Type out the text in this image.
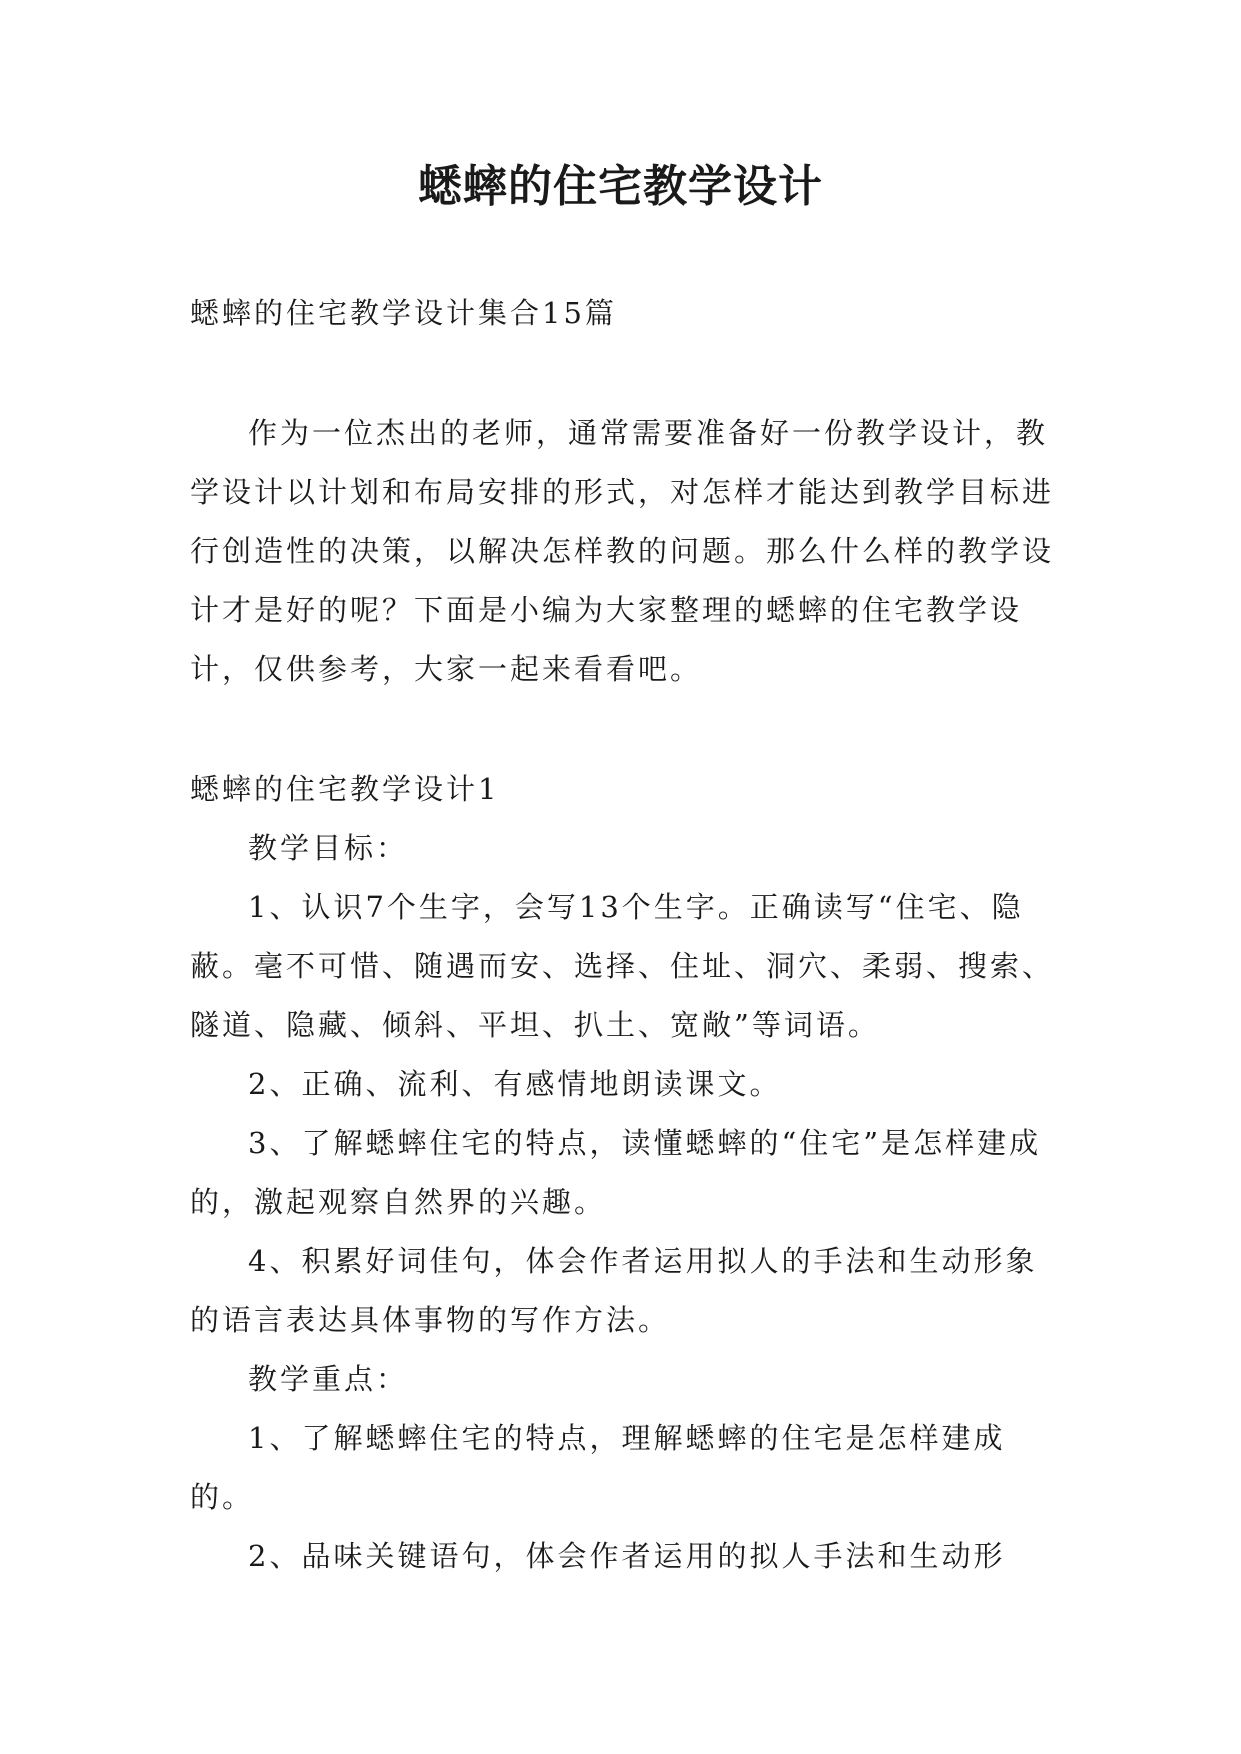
蟋蟀的住宅教学设计

蟋蟀的住宅教学设计集合15篇

作为一位杰出的老师，通常需要准备好一份教学设计，教学设计以计划和布局安排的形式，对怎样才能达到教学目标进行创造性的决策，以解决怎样教的问题。那么什么样的教学设计才是好的呢？下面是小编为大家整理的蟋蟀的住宅教学设计，仅供参考，大家一起来看看吧。

蟋蟀的住宅教学设计1

教学目标：

1、认识7个生字，会写13个生字。正确读写“住宅、隐蔽。毫不可惜、随遇而安、选择、住址、洞穴、柔弱、搜索、隧道、隐藏、倾斜、平坦、扒土、宽敞”等词语。

2、正确、流利、有感情地朗读课文。

3、了解蟋蟀住宅的特点，读懂蟋蟀的“住宅”是怎样建成的，激起观察自然界的兴趣。

4、积累好词佳句，体会作者运用拟人的手法和生动形象的语言表达具体事物的写作方法。

教学重点：

1、了解蟋蟀住宅的特点，理解蟋蟀的住宅是怎样建成的。

2、品味关键语句，体会作者运用的拟人手法和生动形
